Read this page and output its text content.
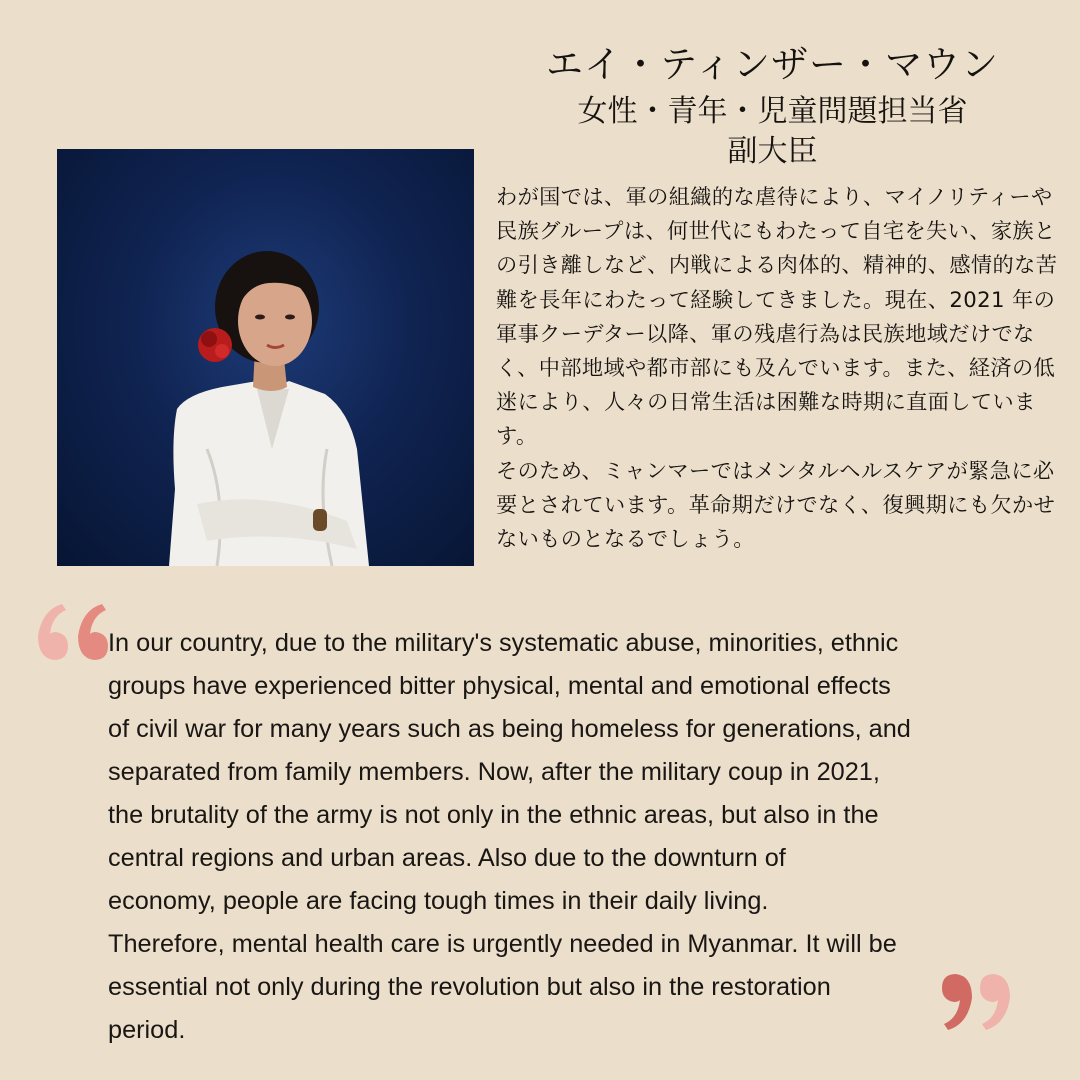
エイ・ティンザー・マウン
女性・青年・児童問題担当省
副大臣

わが国では、軍の組織的な虐待により、マイノリティーや民族グループは、何世代にもわたって自宅を失い、家族との引き離しなど、内戦による肉体的、精神的、感情的な苦難を長年にわたって経験してきました。現在、2021 年の軍事クーデター以降、軍の残虐行為は民族地域だけでなく、中部地域や都市部にも及んでいます。また、経済の低迷により、人々の日常生活は困難な時期に直面しています。

そのため、ミャンマーではメンタルヘルスケアが緊急に必要とされています。革命期だけでなく、復興期にも欠かせないものとなるでしょう。

In our country, due to the military's systematic abuse, minorities, ethnic
groups have experienced bitter physical, mental and emotional effects
of civil war for many years such as being homeless for generations, and
separated from family members. Now, after the military coup in 2021,
the brutality of the army is not only in the ethnic areas, but also in the
central regions and urban areas. Also due to the downturn of
economy, people are facing tough times in their daily living.
Therefore, mental health care is urgently needed in Myanmar. It will be
essential not only during the revolution but also in the restoration
period.
